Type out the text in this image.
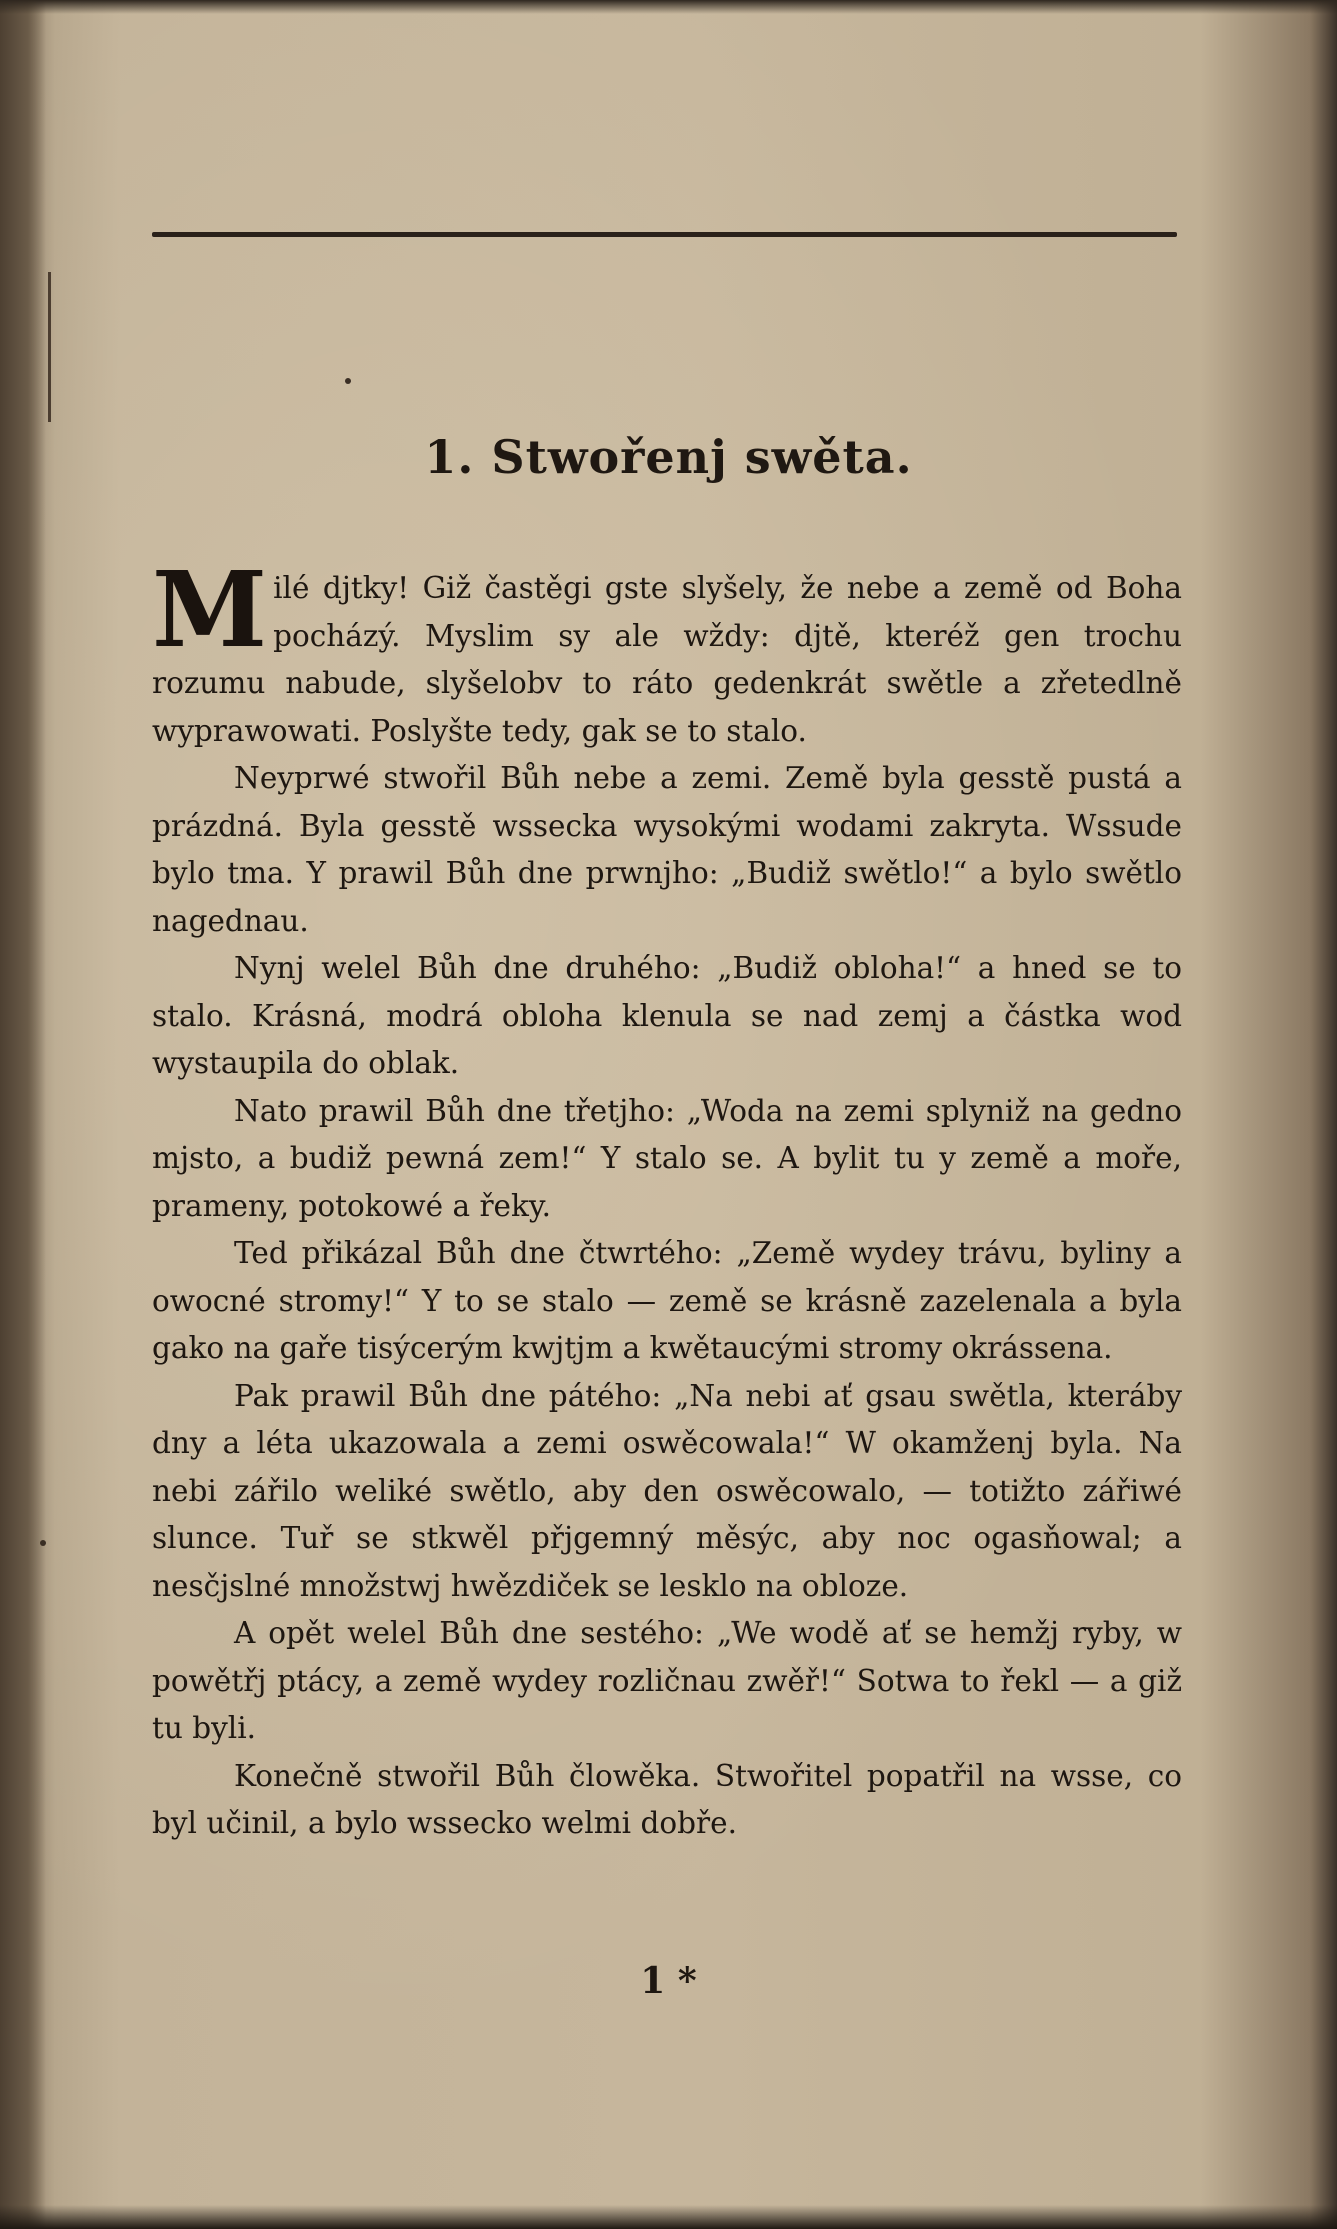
1. Stwořenj swěta.

Milé djtky! Giž častěgi gste slyšely, že nebe a země od Boha pocházý. Myslim sy ale wždy: djtě, kteréž gen trochu rozumu nabude, slyšelobv to ráto gedenkrát swětle a zřetedlně wyprawowati. Poslyšte tedy, gak se to stalo.

Neyprwé stwořil Bůh nebe a zemi. Země byla gesstě pustá a prázdná. Byla gesstě wssecka wysokými wodami zakryta. Wssude bylo tma. Y prawil Bůh dne prwnjho: „Budiž swětlo!“ a bylo swětlo nagednau.

Nynj welel Bůh dne druhého: „Budiž obloha!“ a hned se to stalo. Krásná, modrá obloha klenula se nad zemj a částka wod wystaupila do oblak.

Nato prawil Bůh dne třetjho: „Woda na zemi splyniž na gedno mjsto, a budiž pewná zem!“ Y stalo se. A bylit tu y země a moře, prameny, potokowé a řeky.

Ted přikázal Bůh dne čtwrtého: „Země wydey trávu, byliny a owocné stromy!“ Y to se stalo — země se krásně zazelenala a byla gako na gaře tisýcerým kwjtjm a kwětaucými stromy okrássena.

Pak prawil Bůh dne pátého: „Na nebi ať gsau swětla, kteráby dny a léta ukazowala a zemi oswěcowala!“ W okamženj byla. Na nebi zářilo weliké swětlo, aby den oswěcowalo, — totižto zářiwé slunce. Tuř se stkwěl přjgemný měsýc, aby noc ogasňowal; a nesčjslné množstwj hwězdiček se lesklo na obloze.

A opět welel Bůh dne sestého: „We wodě ať se hemžj ryby, w powětřj ptácy, a země wydey rozličnau zwěř!“ Sotwa to řekl — a giž tu byli.

Konečně stwořil Bůh člowěka. Stwořitel popatřil na wsse, co byl učinil, a bylo wssecko welmi dobře.

1 *
